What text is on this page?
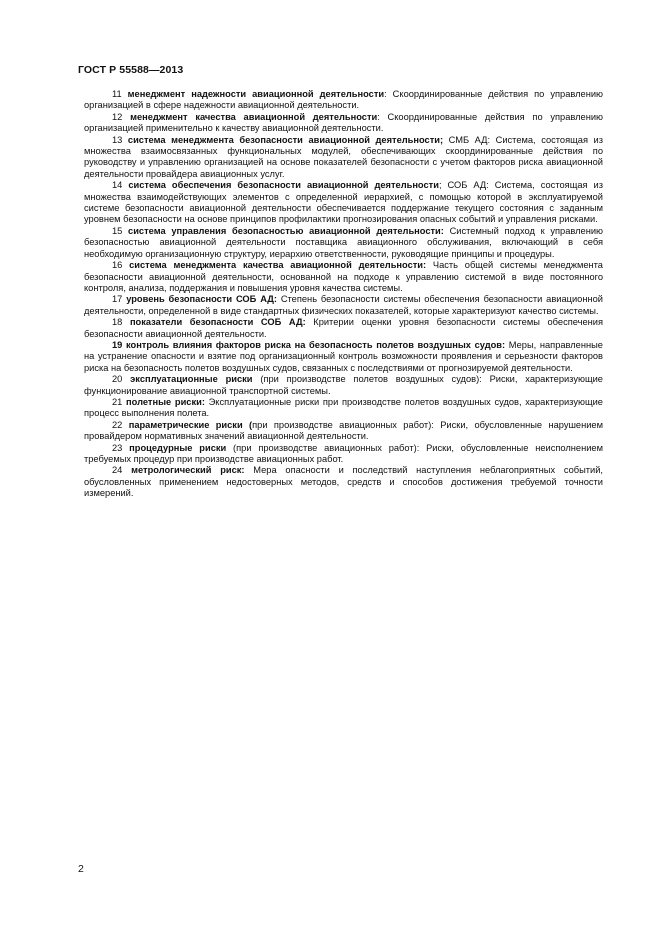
ГОСТ Р 55588—2013

11 менеджмент надежности авиационной деятельности: Скоординированные действия по управлению организацией в сфере надежности авиационной деятельности.

12 менеджмент качества авиационной деятельности: Скоординированные действия по управлению организацией применительно к качеству авиационной деятельности.

13 система менеджмента безопасности авиационной деятельности; СМБ АД: Система, состоящая из множества взаимосвязанных функциональных модулей, обеспечивающих скоординированные действия по руководству и управлению организацией на основе показателей безопасности с учетом факторов риска авиационной деятельности провайдера авиационных услуг.

14 система обеспечения безопасности авиационной деятельности; СОБ АД: Система, состоящая из множества взаимодействующих элементов с определенной иерархией, с помощью которой в эксплуатируемой системе безопасности авиационной деятельности обеспечивается поддержание текущего состояния с заданным уровнем безопасности на основе принципов профилактики прогнозирования опасных событий и управления рисками.

15 система управления безопасностью авиационной деятельности: Системный подход к управлению безопасностью авиационной деятельности поставщика авиационного обслуживания, включающий в себя необходимую организационную структуру, иерархию ответственности, руководящие принципы и процедуры.

16 система менеджмента качества авиационной деятельности: Часть общей системы менеджмента безопасности авиационной деятельности, основанной на подходе к управлению системой в виде постоянного контроля, анализа, поддержания и повышения уровня качества системы.

17 уровень безопасности СОБ АД: Степень безопасности системы обеспечения безопасности авиационной деятельности, определенной в виде стандартных физических показателей, которые характеризуют качество системы.

18 показатели безопасности СОБ АД: Критерии оценки уровня безопасности системы обеспечения безопасности авиационной деятельности.

19 контроль влияния факторов риска на безопасность полетов воздушных судов: Меры, направленные на устранение опасности и взятие под организационный контроль возможности проявления и серьезности факторов риска на безопасность полетов воздушных судов, связанных с последствиями от прогнозируемой деятельности.

20 эксплуатационные риски (при производстве полетов воздушных судов): Риски, характеризующие функционирование авиационной транспортной системы.

21 полетные риски: Эксплуатационные риски при производстве полетов воздушных судов, характеризующие процесс выполнения полета.

22 параметрические риски (при производстве авиационных работ): Риски, обусловленные нарушением провайдером нормативных значений авиационной деятельности.

23 процедурные риски (при производстве авиационных работ): Риски, обусловленные неисполнением требуемых процедур при производстве авиационных работ.

24 метрологический риск: Мера опасности и последствий наступления неблагоприятных событий, обусловленных применением недостоверных методов, средств и способов достижения требуемой точности измерений.

2
